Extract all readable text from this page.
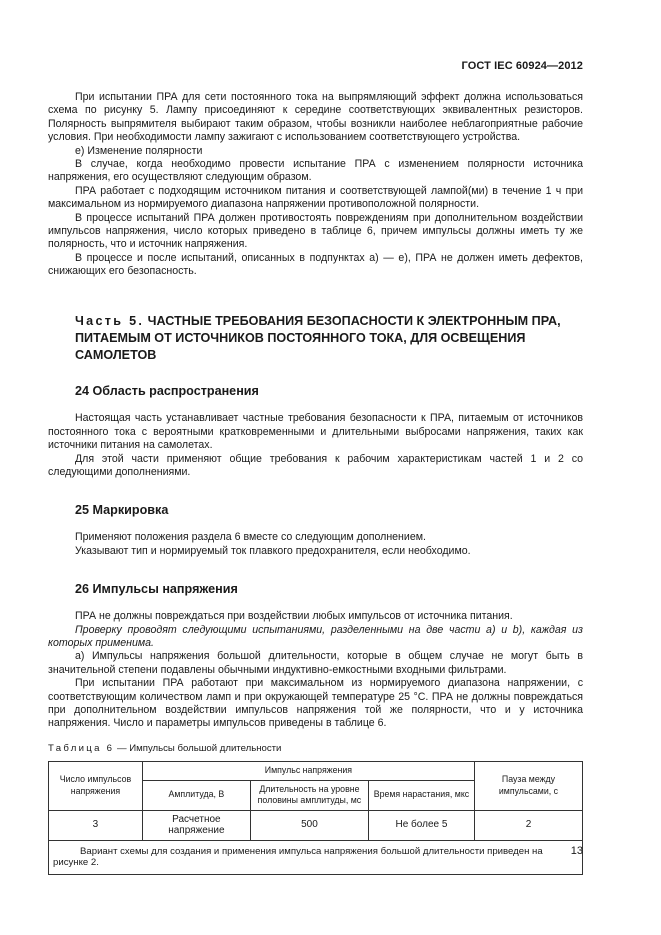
ГОСТ IEC 60924—2012

При испытании ПРА для сети постоянного тока на выпрямляющий эффект должна использоваться схема по рисунку 5. Лампу присоединяют к середине соответствующих эквивалентных резисторов. Полярность выпрямителя выбирают таким образом, чтобы возникли наиболее неблагоприятные рабочие условия. При необходимости лампу зажигают с использованием соответствующего устройства.

е) Изменение полярности

В случае, когда необходимо провести испытание ПРА с изменением полярности источника напряжения, его осуществляют следующим образом.

ПРА работает с подходящим источником питания и соответствующей лампой(ми) в течение 1 ч при максимальном из нормируемого диапазона напряжении противоположной полярности.

В процессе испытаний ПРА должен противостоять повреждениям при дополнительном воздействии импульсов напряжения, число которых приведено в таблице 6, причем импульсы должны иметь ту же полярность, что и источник напряжения.

В процессе и после испытаний, описанных в подпунктах а) — е), ПРА не должен иметь дефектов, снижающих его безопасность.

Часть 5. ЧАСТНЫЕ ТРЕБОВАНИЯ БЕЗОПАСНОСТИ К ЭЛЕКТРОННЫМ ПРА, ПИТАЕМЫМ ОТ ИСТОЧНИКОВ ПОСТОЯННОГО ТОКА, ДЛЯ ОСВЕЩЕНИЯ САМОЛЕТОВ
24 Область распространения

Настоящая часть устанавливает частные требования безопасности к ПРА, питаемым от источников постоянного тока с вероятными кратковременными и длительными выбросами напряжения, таких как источники питания на самолетах.

Для этой части применяют общие требования к рабочим характеристикам частей 1 и 2 со следующими дополнениями.

25 Маркировка

Применяют положения раздела 6 вместе со следующим дополнением.

Указывают тип и нормируемый ток плавкого предохранителя, если необходимо.

26 Импульсы напряжения

ПРА не должны повреждаться при воздействии любых импульсов от источника питания.

Проверку проводят следующими испытаниями, разделенными на две части а) и b), каждая из которых применима.

а) Импульсы напряжения большой длительности, которые в общем случае не могут быть в значительной степени подавлены обычными индуктивно-емкостными входными фильтрами.

При испытании ПРА работают при максимальном из нормируемого диапазона напряжении, с соответствующим количеством ламп и при окружающей температуре 25 °С. ПРА не должны повреждаться при дополнительном воздействии импульсов напряжения той же полярности, что и у источника напряжения. Число и параметры импульсов приведены в таблице 6.

Таблица 6 — Импульсы большой длительности
Число импульсов напряжения	Импульс напряжения			Пауза между импульсами, с
	Амплитуда, В	Длительность на уровне половины амплитуды, мс	Время нарастания, мкс	
3	Расчетное напряжение	500	Не более 5	2
Вариант схемы для создания и применения импульса напряжения большой длительности приведен на рисунке 2.				
13
